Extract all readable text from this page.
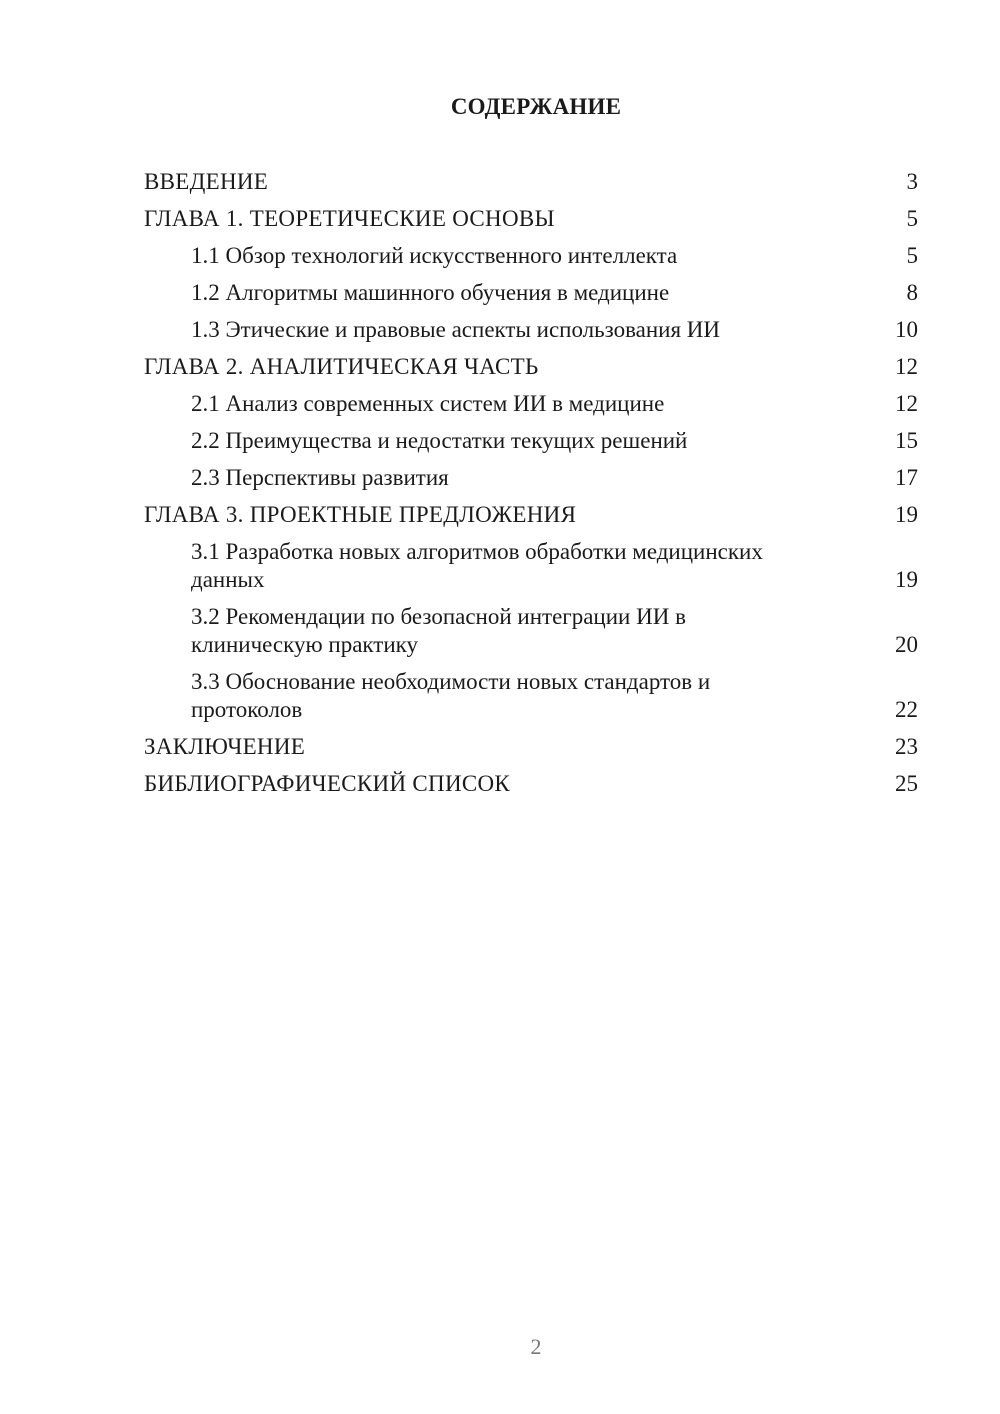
СОДЕРЖАНИЕ
ВВЕДЕНИЕ	3
ГЛАВА 1. ТЕОРЕТИЧЕСКИЕ ОСНОВЫ	5
1.1 Обзор технологий искусственного интеллекта	5
1.2 Алгоритмы машинного обучения в медицине	8
1.3 Этические и правовые аспекты использования ИИ	10
ГЛАВА 2. АНАЛИТИЧЕСКАЯ ЧАСТЬ	12
2.1 Анализ современных систем ИИ в медицине	12
2.2 Преимущества и недостатки текущих решений	15
2.3 Перспективы развития	17
ГЛАВА 3. ПРОЕКТНЫЕ ПРЕДЛОЖЕНИЯ	19
3.1 Разработка новых алгоритмов обработки медицинских данных	19
3.2 Рекомендации по безопасной интеграции ИИ в клиническую практику	20
3.3 Обоснование необходимости новых стандартов и протоколов	22
ЗАКЛЮЧЕНИЕ	23
БИБЛИОГРАФИЧЕСКИЙ СПИСОК	25
2
